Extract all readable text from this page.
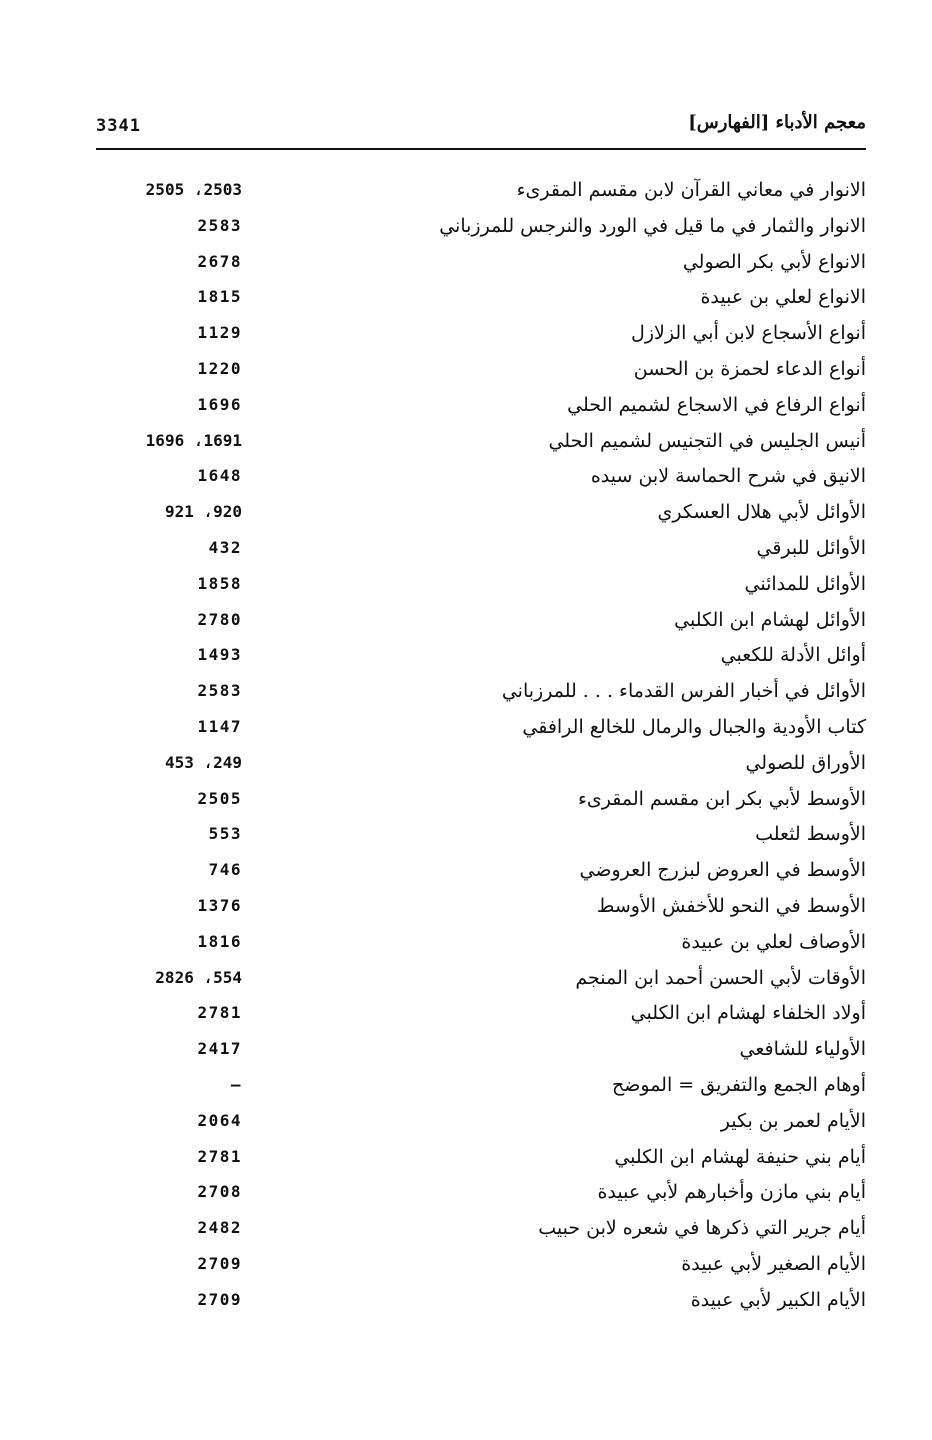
3341	معجم الأدباء [الفهارس]
الانوار في معاني القرآن لابن مقسم المقرىء
2505 ،2503
الانوار والثمار في ما قيل في الورد والنرجس للمرزباني
2583
الانواع لأبي بكر الصولي
2678
الانواع لعلي بن عبيدة
1815
أنواع الأسجاع لابن أبي الزلازل
1129
أنواع الدعاء لحمزة بن الحسن
1220
أنواع الرفاع في الاسجاع لشميم الحلي
1696
أنيس الجليس في التجنيس لشميم الحلي
1696 ،1691
الانيق في شرح الحماسة لابن سيده
1648
الأوائل لأبي هلال العسكري
921 ،920
الأوائل للبرقي
432
الأوائل للمدائني
1858
الأوائل لهشام ابن الكلبي
2780
أوائل الأدلة للكعبي
1493
الأوائل في أخبار الفرس القدماء . . . للمرزباني
2583
كتاب الأودية والجبال والرمال للخالع الرافقي
1147
الأوراق للصولي
453 ،249
الأوسط لأبي بكر ابن مقسم المقرىء
2505
الأوسط لثعلب
553
الأوسط في العروض لبزرج العروضي
746
الأوسط في النحو للأخفش الأوسط
1376
الأوصاف لعلي بن عبيدة
1816
الأوقات لأبي الحسن أحمد ابن المنجم
2826 ،554
أولاد الخلفاء لهشام ابن الكلبي
2781
الأولياء للشافعي
2417
أوهام الجمع والتفريق = الموضح
—
الأيام لعمر بن بكير
2064
أيام بني حنيفة لهشام ابن الكلبي
2781
أيام بني مازن وأخبارهم لأبي عبيدة
2708
أيام جرير التي ذكرها في شعره لابن حبيب
2482
الأيام الصغير لأبي عبيدة
2709
الأيام الكبير لأبي عبيدة
2709
